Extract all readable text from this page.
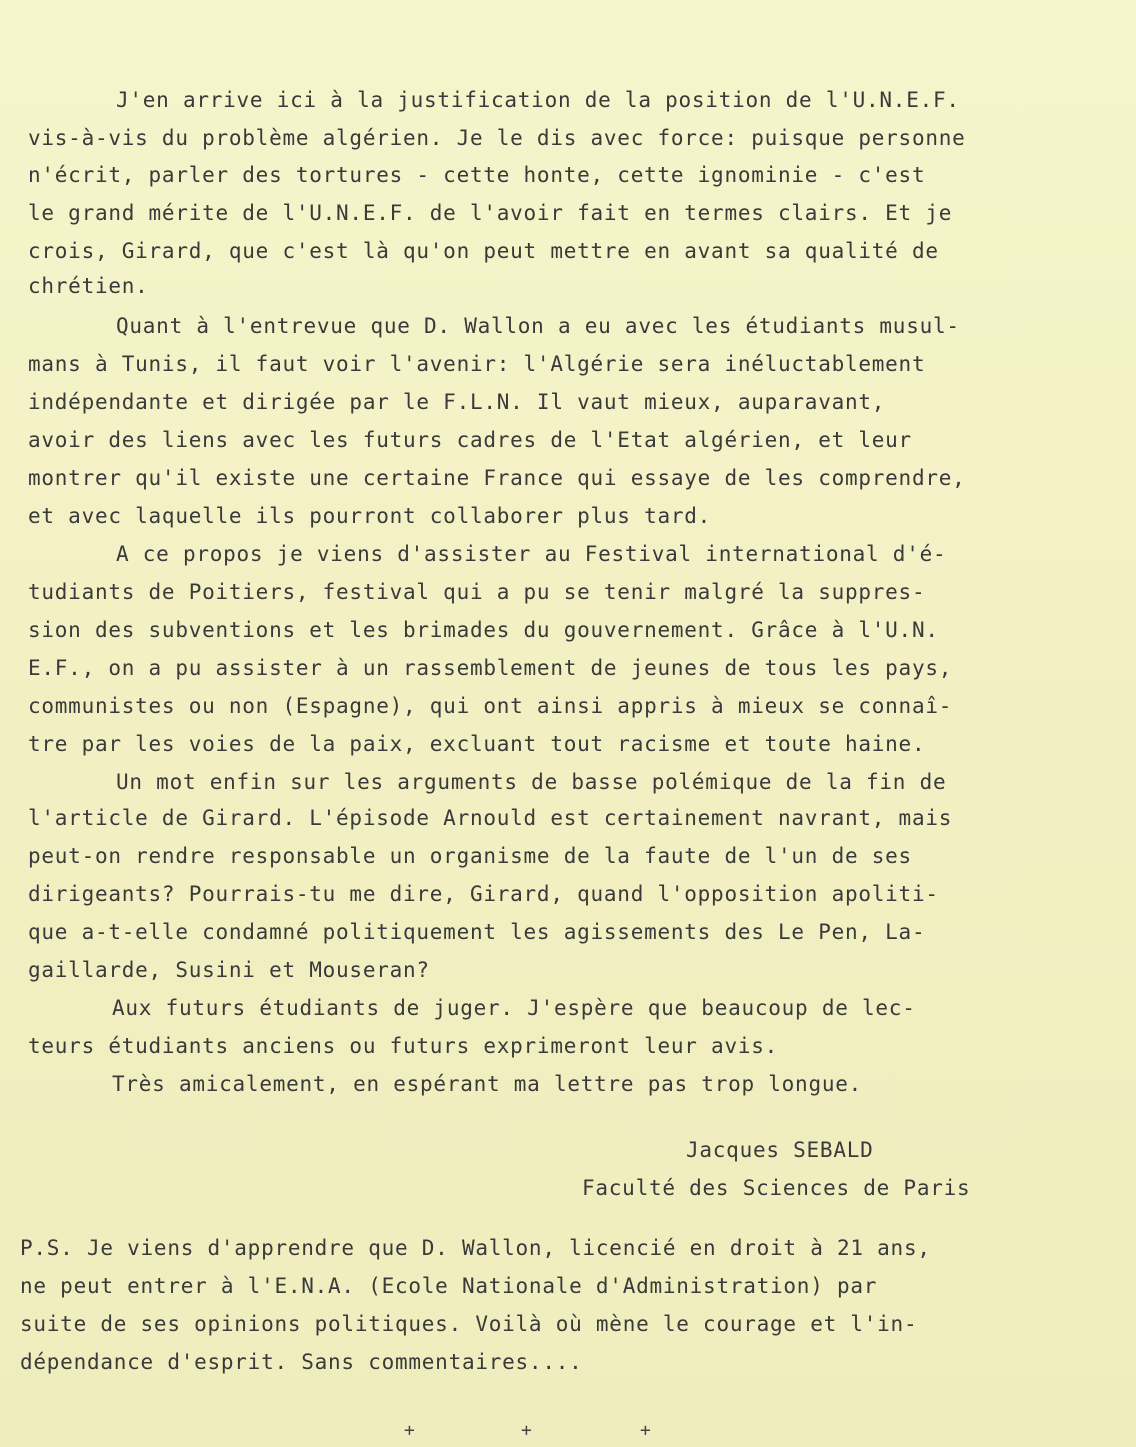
J'en arrive ici à la justification de la position de l'U.N.E.F.
vis-à-vis du problème algérien. Je le dis avec force: puisque personne
n'écrit, parler des tortures - cette honte, cette ignominie - c'est
le grand mérite de l'U.N.E.F. de l'avoir fait en termes clairs. Et je
crois, Girard, que c'est là qu'on peut mettre en avant sa qualité de
chrétien.
Quant à l'entrevue que D. Wallon a eu avec les étudiants musul-
mans à Tunis, il faut voir l'avenir: l'Algérie sera inéluctablement
indépendante et dirigée par le F.L.N. Il vaut mieux, auparavant,
avoir des liens avec les futurs cadres de l'Etat algérien, et leur
montrer qu'il existe une certaine France qui essaye de les comprendre,
et avec laquelle ils pourront collaborer plus tard.
A ce propos je viens d'assister au Festival international d'é-
tudiants de Poitiers, festival qui a pu se tenir malgré la suppres-
sion des subventions et les brimades du gouvernement. Grâce à l'U.N.
E.F., on a pu assister à un rassemblement de jeunes de tous les pays,
communistes ou non (Espagne), qui ont ainsi appris à mieux se connaî-
tre par les voies de la paix, excluant tout racisme et toute haine.
Un mot enfin sur les arguments de basse polémique de la fin de
l'article de Girard. L'épisode Arnould est certainement navrant, mais
peut-on rendre responsable un organisme de la faute de l'un de ses
dirigeants? Pourrais-tu me dire, Girard, quand l'opposition apoliti-
que a-t-elle condamné politiquement les agissements des Le Pen, La-
gaillarde, Susini et Mouseran?
Aux futurs étudiants de juger. J'espère que beaucoup de lec-
teurs étudiants anciens ou futurs exprimeront leur avis.
Très amicalement, en espérant ma lettre pas trop longue.
Jacques SEBALD
Faculté des Sciences de Paris
P.S. Je viens d'apprendre que D. Wallon, licencié en droit à 21 ans,
ne peut entrer à l'E.N.A. (Ecole Nationale d'Administration) par
suite de ses opinions politiques. Voilà où mène le courage et l'in-
dépendance d'esprit. Sans commentaires....
+	+	+
